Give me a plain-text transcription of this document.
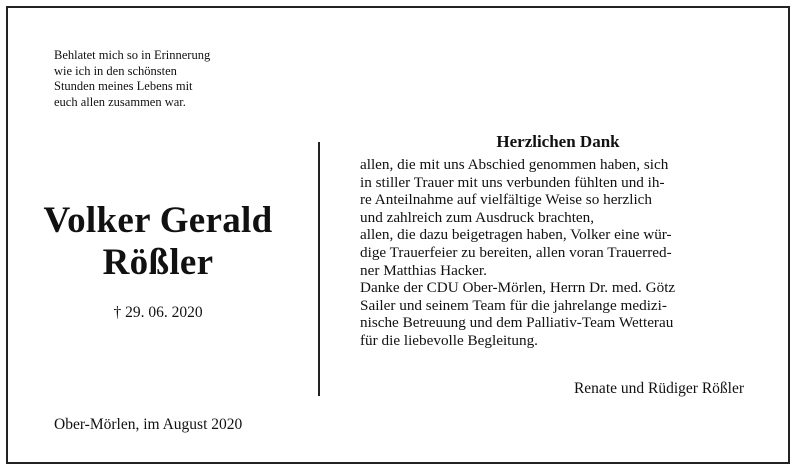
Behlatet mich so in Erinnerung
wie ich in den schönsten
Stunden meines Lebens mit
euch allen zusammen war.
Volker Gerald
Rößler
† 29. 06. 2020
Ober-Mörlen, im August 2020
Herzlichen Dank

allen, die mit uns Abschied genommen haben, sich
in stiller Trauer mit uns verbunden fühlten und ih-
re Anteilnahme auf vielfältige Weise so herzlich
und zahlreich zum Ausdruck brachten,

allen, die dazu beigetragen haben, Volker eine wür-
dige Trauerfeier zu bereiten, allen voran Trauerred-
ner Matthias Hacker.

Danke der CDU Ober-Mörlen, Herrn Dr. med. Götz
Sailer und seinem Team für die jahrelange medizi-
nische Betreuung und dem Palliativ-Team Wetterau
für die liebevolle Begleitung.

Renate und Rüdiger Rößler
